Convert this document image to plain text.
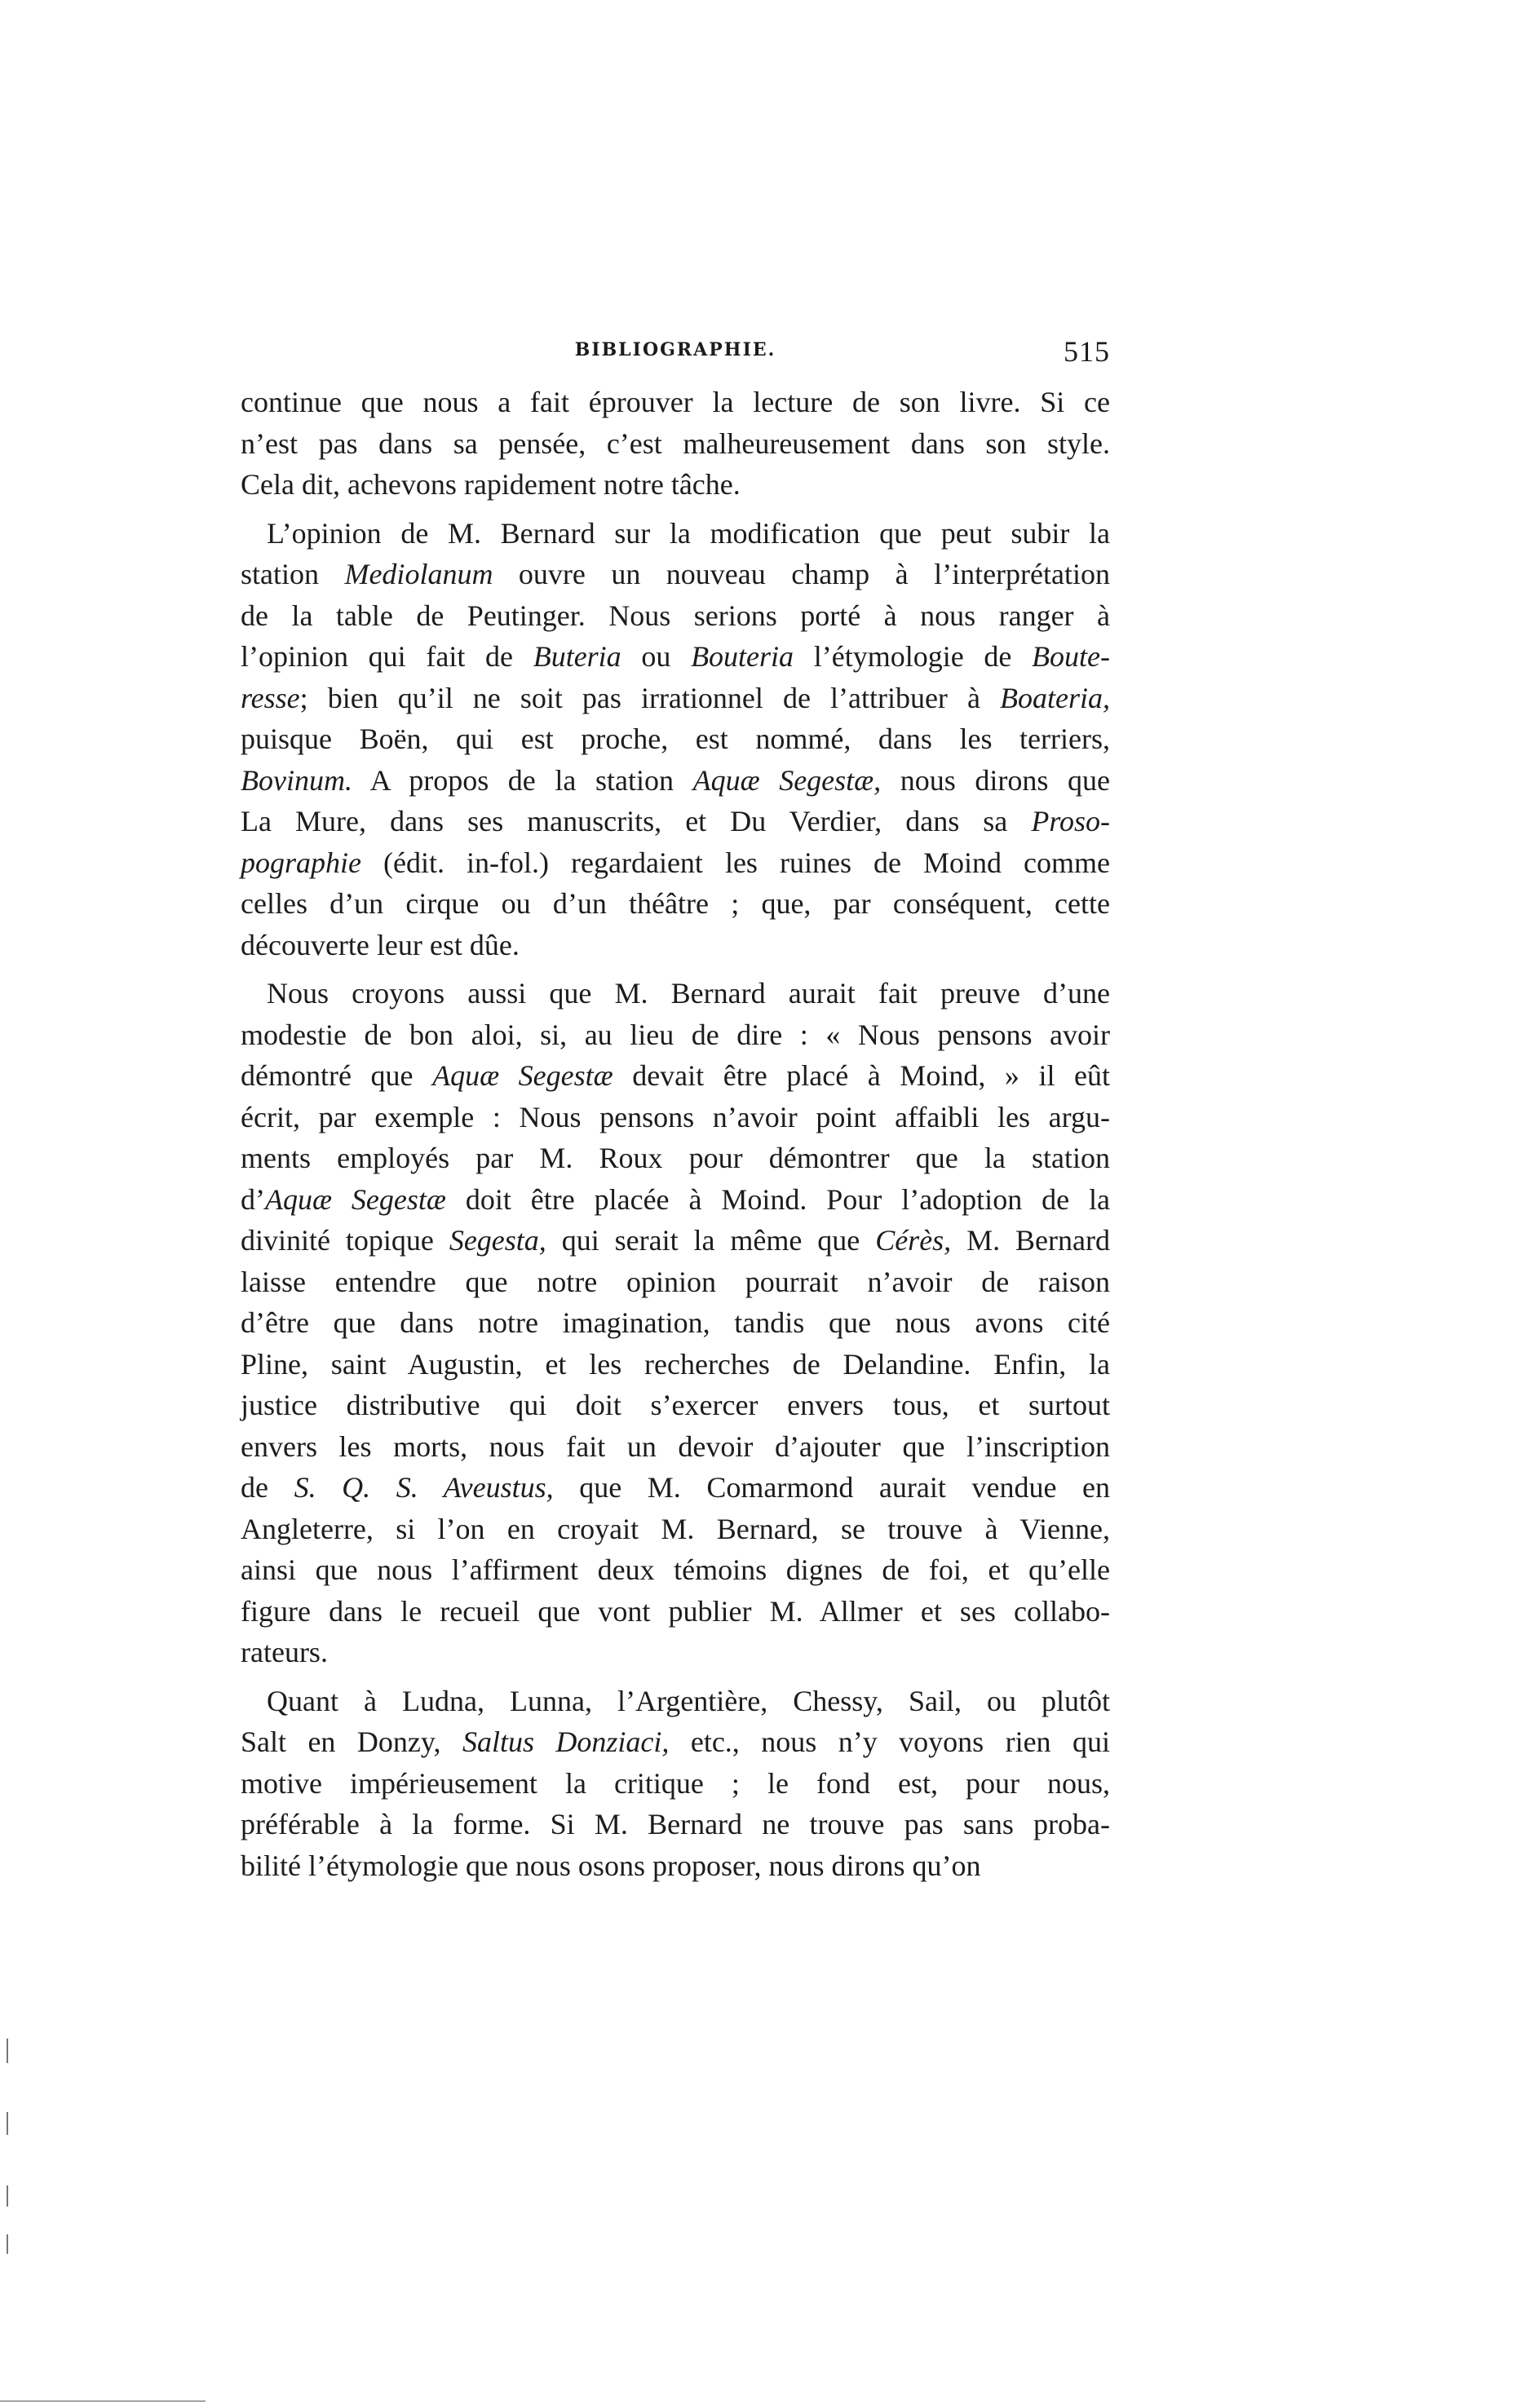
BIBLIOGRAPHIE.	515
continue que nous a fait éprouver la lecture de son livre. Si ce
n’est pas dans sa pensée, c’est malheureusement dans son style.
Cela dit, achevons rapidement notre tâche.
L’opinion de M. Bernard sur la modification que peut subir la
station Mediolanum ouvre un nouveau champ à l’interprétation
de la table de Peutinger. Nous serions porté à nous ranger à
l’opinion qui fait de Buteria ou Bouteria l’étymologie de Boute-
resse; bien qu’il ne soit pas irrationnel de l’attribuer à Boateria,
puisque Boën, qui est proche, est nommé, dans les terriers,
Bovinum. A propos de la station Aquæ Segestæ, nous dirons que
La Mure, dans ses manuscrits, et Du Verdier, dans sa Proso-
pographie (édit. in-fol.) regardaient les ruines de Moind comme
celles d’un cirque ou d’un théâtre ; que, par conséquent, cette
découverte leur est dûe.
Nous croyons aussi que M. Bernard aurait fait preuve d’une
modestie de bon aloi, si, au lieu de dire : « Nous pensons avoir
démontré que Aquæ Segestæ devait être placé à Moind, » il eût
écrit, par exemple : Nous pensons n’avoir point affaibli les argu-
ments employés par M. Roux pour démontrer que la station
d’Aquæ Segestæ doit être placée à Moind. Pour l’adoption de la
divinité topique Segesta, qui serait la même que Cérès, M. Bernard
laisse entendre que notre opinion pourrait n’avoir de raison
d’être que dans notre imagination, tandis que nous avons cité
Pline, saint Augustin, et les recherches de Delandine. Enfin, la
justice distributive qui doit s’exercer envers tous, et surtout
envers les morts, nous fait un devoir d’ajouter que l’inscription
de S. Q. S. Aveustus, que M. Comarmond aurait vendue en
Angleterre, si l’on en croyait M. Bernard, se trouve à Vienne,
ainsi que nous l’affirment deux témoins dignes de foi, et qu’elle
figure dans le recueil que vont publier M. Allmer et ses collabo-
rateurs.
Quant à Ludna, Lunna, l’Argentière, Chessy, Sail, ou plutôt
Salt en Donzy, Saltus Donziaci, etc., nous n’y voyons rien qui
motive impérieusement la critique ; le fond est, pour nous,
préférable à la forme. Si M. Bernard ne trouve pas sans proba-
bilité l’étymologie que nous osons proposer, nous dirons qu’on
